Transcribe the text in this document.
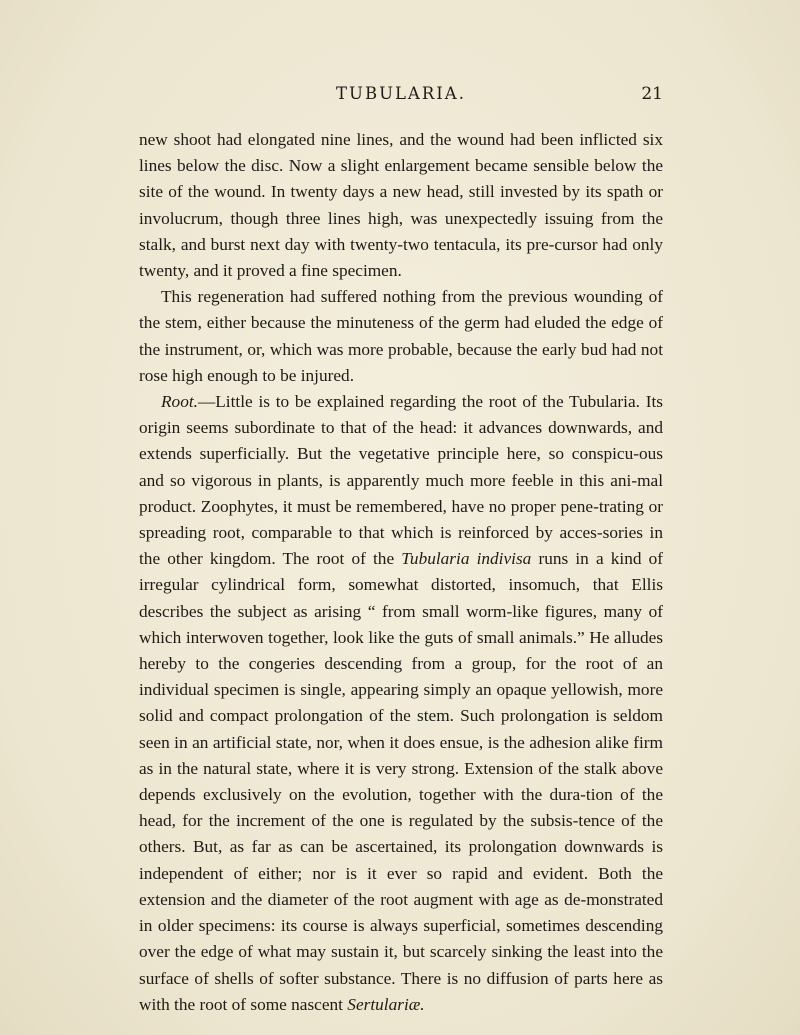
TUBULARIA.	21

new shoot had elongated nine lines, and the wound had been inflicted six lines below the disc. Now a slight enlargement became sensible below the site of the wound. In twenty days a new head, still invested by its spath or involucrum, though three lines high, was unexpectedly issuing from the stalk, and burst next day with twenty-two tentacula, its pre-cursor had only twenty, and it proved a fine specimen.

This regeneration had suffered nothing from the previous wounding of the stem, either because the minuteness of the germ had eluded the edge of the instrument, or, which was more probable, because the early bud had not rose high enough to be injured.

Root.—Little is to be explained regarding the root of the Tubularia. Its origin seems subordinate to that of the head: it advances downwards, and extends superficially. But the vegetative principle here, so conspicu-ous and so vigorous in plants, is apparently much more feeble in this ani-mal product. Zoophytes, it must be remembered, have no proper pene-trating or spreading root, comparable to that which is reinforced by acces-sories in the other kingdom. The root of the Tubularia indivisa runs in a kind of irregular cylindrical form, somewhat distorted, insomuch, that Ellis describes the subject as arising “ from small worm-like figures, many of which interwoven together, look like the guts of small animals.” He alludes hereby to the congeries descending from a group, for the root of an individual specimen is single, appearing simply an opaque yellowish, more solid and compact prolongation of the stem. Such prolongation is seldom seen in an artificial state, nor, when it does ensue, is the adhesion alike firm as in the natural state, where it is very strong. Extension of the stalk above depends exclusively on the evolution, together with the dura-tion of the head, for the increment of the one is regulated by the subsis-tence of the others. But, as far as can be ascertained, its prolongation downwards is independent of either; nor is it ever so rapid and evident. Both the extension and the diameter of the root augment with age as de-monstrated in older specimens: its course is always superficial, sometimes descending over the edge of what may sustain it, but scarcely sinking the least into the surface of shells of softer substance. There is no diffusion of parts here as with the root of some nascent Sertulariæ.
